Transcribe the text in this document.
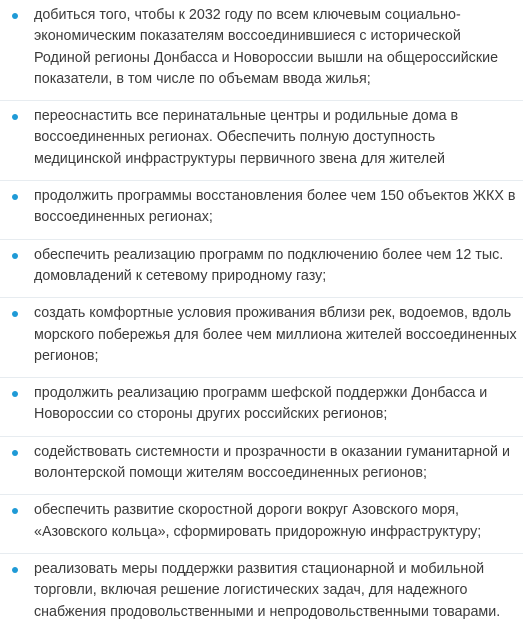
добиться того, чтобы к 2032 году по всем ключевым социально-экономическим показателям воссоединившиеся с исторической Родиной регионы Донбасса и Новороссии вышли на общероссийские показатели, в том числе по объемам ввода жилья;
переоснастить все перинатальные центры и родильные дома в воссоединенных регионах. Обеспечить полную доступность медицинской инфраструктуры первичного звена для жителей
продолжить программы восстановления более чем 150 объектов ЖКХ в воссоединенных регионах;
обеспечить реализацию программ по подключению более чем 12 тыс. домовладений к сетевому природному газу;
создать комфортные условия проживания вблизи рек, водоемов, вдоль морского побережья для более чем миллиона жителей воссоединенных регионов;
продолжить реализацию программ шефской поддержки Донбасса и Новороссии со стороны других российских регионов;
содействовать системности и прозрачности в оказании гуманитарной и волонтерской помощи жителям воссоединенных регионов;
обеспечить развитие скоростной дороги вокруг Азовского моря, «Азовского кольца», сформировать придорожную инфраструктуру;
реализовать меры поддержки развития стационарной и мобильной торговли, включая решение логистических задач, для надежного снабжения продовольственными и непродовольственными товарами.
